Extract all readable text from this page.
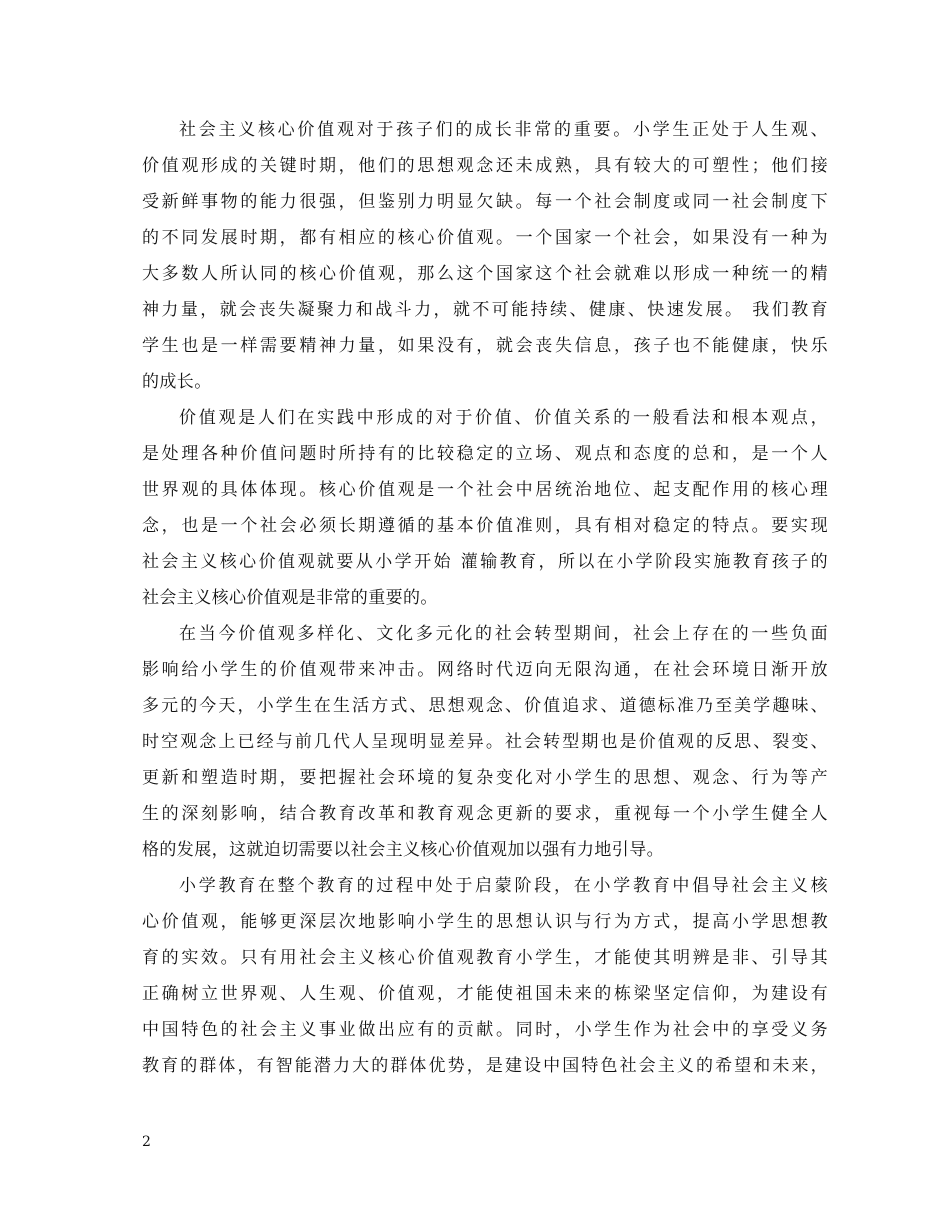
社会主义核心价值观对于孩子们的成长非常的重要。小学生正处于人生观、
价值观形成的关键时期，他们的思想观念还未成熟，具有较大的可塑性；他们接
受新鲜事物的能力很强，但鉴别力明显欠缺。每一个社会制度或同一社会制度下
的不同发展时期，都有相应的核心价值观。一个国家一个社会，如果没有一种为
大多数人所认同的核心价值观，那么这个国家这个社会就难以形成一种统一的精
神力量，就会丧失凝聚力和战斗力，就不可能持续、健康、快速发展。 我们教育
学生也是一样需要精神力量，如果没有，就会丧失信息，孩子也不能健康，快乐
的成长。
价值观是人们在实践中形成的对于价值、价值关系的一般看法和根本观点，
是处理各种价值问题时所持有的比较稳定的立场、观点和态度的总和，是一个人
世界观的具体体现。核心价值观是一个社会中居统治地位、起支配作用的核心理
念，也是一个社会必须长期遵循的基本价值准则，具有相对稳定的特点。要实现
社会主义核心价值观就要从小学开始 灌输教育，所以在小学阶段实施教育孩子的
社会主义核心价值观是非常的重要的。
在当今价值观多样化、文化多元化的社会转型期间，社会上存在的一些负面
影响给小学生的价值观带来冲击。网络时代迈向无限沟通，在社会环境日渐开放
多元的今天，小学生在生活方式、思想观念、价值追求、道德标准乃至美学趣味、
时空观念上已经与前几代人呈现明显差异。社会转型期也是价值观的反思、裂变、
更新和塑造时期，要把握社会环境的复杂变化对小学生的思想、观念、行为等产
生的深刻影响，结合教育改革和教育观念更新的要求，重视每一个小学生健全人
格的发展，这就迫切需要以社会主义核心价值观加以强有力地引导。
小学教育在整个教育的过程中处于启蒙阶段，在小学教育中倡导社会主义核
心价值观，能够更深层次地影响小学生的思想认识与行为方式，提高小学思想教
育的实效。只有用社会主义核心价值观教育小学生，才能使其明辨是非、引导其
正确树立世界观、人生观、价值观，才能使祖国未来的栋梁坚定信仰，为建设有
中国特色的社会主义事业做出应有的贡献。同时，小学生作为社会中的享受义务
教育的群体，有智能潜力大的群体优势，是建设中国特色社会主义的希望和未来，
2
